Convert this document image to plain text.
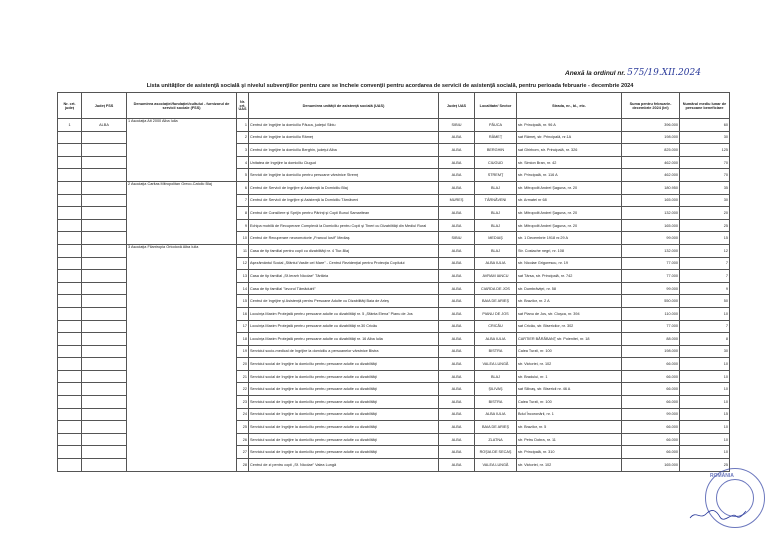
Anexă la ordinul nr. 575/19.XII.2024
Lista unităţilor de asistenţă socială şi nivelul subvenţiilor pentru care se încheie convenţii pentru acordarea de servicii de asistenţă socială, pentru perioada februarie - decembrie 2024
Nr. crt. judeţ	Judeţ FSS	Denumirea asociaţiei/fundaţiei/cultului - furnizorul de servicii sociale (FSS)	Nr. crt. UAS	Denumirea unităţii de asistenţă socială (UAS)	Judeţ UAS	Localitate/ Sector	Strada, nr., bl., etc.	Suma pentru februarie-decembrie 2024 (lei)	Numărul mediu lunar de persoane beneficiare
1	ALBA	1 Asociaţia Alt 2000 Alba Iulia	1	Centrul de îngrijire la domiciliu Păuca, judeţul Sibiu	SIBIU	PĂUCA	str. Principală, nr. 96 A	396.000	60
			2	Centrul de îngrijire la domiciliu Râmeţ	ALBA	RÂMEŢ	sat Râmeţ, str. Principală, nr.1A	198.000	30
			3	Centrul de îngrijire la domiciliu Berghin, judeţul Alba	ALBA	BERGHIN	sat Ghirbom, str. Principală, nr. 326	825.000	125
			4	Unitatea de îngrijire la domiciliu Ciugud	ALBA	CIUGUD	str. Simion Bran, nr. 42	462.000	70
			5	Servicii de îngrijire la domiciliu pentru persoane vârstnice Stremţ	ALBA	STREMŢ	str. Principală, nr. 116 A	462.000	70
		2 Asociaţia Caritas Mitropolitan Greco-Catolic Blaj	6	Centrul de Servicii de îngrijire şi Asistenţă la Domiciliu Blaj	ALBA	BLAJ	str. Mitropolit Andrei Şaguna, nr. 20	180.950	35
			7	Centrul de Servicii de îngrijire şi Asistenţă la Domiciliu Târnăveni	MUREŞ	TÂRNĂVENI	str. Armatei nr 68	165.000	30
			8	Centrul de Consiliere şi Sprijin pentru Părinţi şi Copii Bunul Samaritean	ALBA	BLAJ	str. Mitropolit Andrei Şaguna, nr. 20	132.000	20
			9	Echipa mobilă de Recuperare Complexă la Domiciliu pentru Copii şi Tineri cu Dizabilităţi din Mediul Rural	ALBA	BLAJ	str. Mitropolit Andrei Şaguna, nr. 20	165.000	25
			10	Centrul de Recuperare neuromotorie „Francul Iosif" Mediaş	SIBIU	MEDIAŞ	str. 1 Decembrie 1918 nr.29 A	99.000	15
		3 Asociaţia Filantropia Ortodoxă Alba Iulia	11	Casa de tip familial pentru copii cu dizabilităţi nr. 4 Tiur-Blaj	ALBA	BLAJ	Str. Costache negri, nr. 108	132.000	12
			12	Aşezământul Social „Sfântul Vasile cel Mare" - Centrul Rezidenţial pentru Protecţia Copilului	ALBA	ALBA IULIA	str. Nicolae Grigorescu, nr. 19	77.000	7
			13	Casa de tip familial „Sf.Ierarh Nicolae" Tărtăria	ALBA	AVRAM IANCU	sat Târsa, str. Principală, nr. 742	77.000	7
			14	Casa de tip familial "Izvorul Tămăduirii"	ALBA	CIARDA DE JOS	str. Dumbrăviţei, nr. 58	99.000	9
			15	Centrul de îngrijire şi Asistenţă pentru Persoane Adulte cu Dizabilităţi Baia de Arieş	ALBA	BAIA DE ARIEŞ	str. Brazilor, nr. 2 A	550.000	50
			16	Locuinţa Maxim Protejată pentru persoane adulte cu dizabilităţi nr. 5 „Sfânta Elena" Pianu de Jos	ALBA	PIANU DE JOS	sat Pianu de Jos, str. Cloşca, nr. 394	110.000	10
			17	Locuinţa Maxim Protejată pentru persoane adulte cu dizabilităţi nr.30 Cricău	ALBA	CRICĂU	sat Cricău, str. Bisericilor, nr. 302	77.000	7
			18	Locuinţa Maxim Protejată pentru persoane adulte cu dizabilităţi nr. 16 Alba Iulia	ALBA	ALBA IULIA	CARTIER BĂRĂBANŢ str. Poienitei, nr. 18	88.000	8
			19	Serviciul socio-medical de îngrijire la domiciliu a persoanelor vârstnice Bistra	ALBA	BISTRA	Calea Turzii, nr. 100	198.000	30
			20	Serviciul social de îngrijire la domiciliu pentru persoane adulte cu dizabilităţi	ALBA	VALEA LUNGĂ	str. Victoriei, nr. 102	66.000	10
			21	Serviciul social de îngrijire la domiciliu pentru persoane adulte cu dizabilităţi	ALBA	BLAJ	str. Bradului, nr. 1	66.000	10
			22	Serviciul social de îngrijire la domiciliu pentru persoane adulte cu dizabilităţi	ALBA	ŞILIVAŞ	sat Silivaş, str. Bisericii nr. 46 A	66.000	10
			23	Serviciul social de îngrijire la domiciliu pentru persoane adulte cu dizabilităţi	ALBA	BISTRA	Calea Turzii, nr. 100	66.000	10
			24	Serviciul social de îngrijire la domiciliu pentru persoane adulte cu dizabilităţi	ALBA	ALBA IULIA	Bdul Încoronării, nr. 1	99.000	15
			25	Serviciul social de îngrijire la domiciliu pentru persoane adulte cu dizabilităţi	ALBA	BAIA DE ARIEŞ	str. Brazilor, nr. 5	66.000	10
			26	Serviciul social de îngrijire la domiciliu pentru persoane adulte cu dizabilităţi	ALBA	ZLATNA	str. Petru Dobra, nr. 11	66.000	10
			27	Serviciul social de îngrijire la domiciliu pentru persoane adulte cu dizabilităţi	ALBA	ROŞIA DE SECAŞ	str. Principală, nr. 310	66.000	10
			28	Centrul de zi pentru copii „Sf. Nicolae" Valea Lungă	ALBA	VALEA LUNGĂ	str. Victoriei, nr. 102	165.000	25
ROMÂNIA
